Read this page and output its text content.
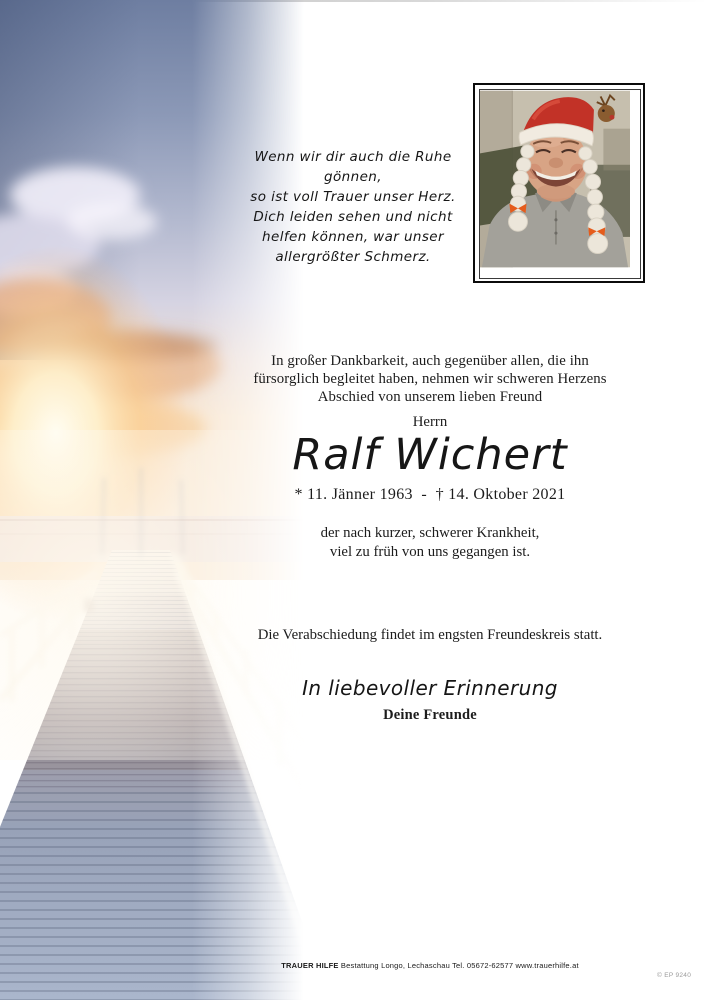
Wenn wir dir auch die Ruhe gönnen,
so ist voll Trauer unser Herz.
Dich leiden sehen und nicht
helfen können, war unser
allergrößter Schmerz.
In großer Dankbarkeit, auch gegenüber allen, die ihn
fürsorglich begleitet haben, nehmen wir schweren Herzens
Abschied von unserem lieben Freund
Herrn
Ralf Wichert
* 11. Jänner 1963  -  † 14. Oktober 2021
der nach kurzer, schwerer Krankheit,
viel zu früh von uns gegangen ist.
Die Verabschiedung findet im engsten Freundeskreis statt.
In liebevoller Erinnerung
Deine Freunde
TRAUER HILFE Bestattung Longo, Lechaschau Tel. 05672-62577 www.trauerhilfe.at
© EP 9240
